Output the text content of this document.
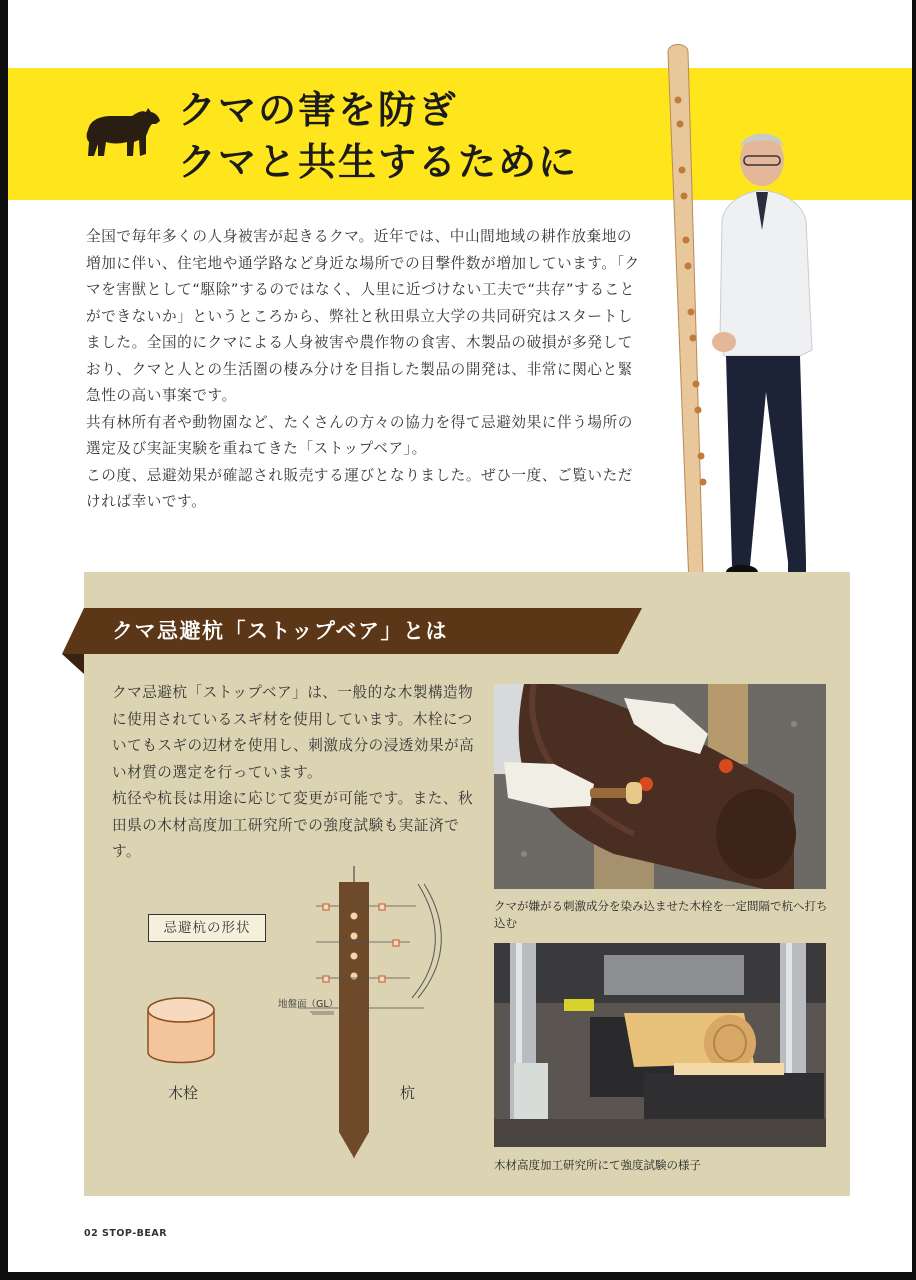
クマの害を防ぎ
クマと共生するために

全国で毎年多くの人身被害が起きるクマ。近年では、中山間地域の耕作放棄地の増加に伴い、住宅地や通学路など身近な場所での目撃件数が増加しています。「クマを害獣として“駆除”するのではなく、人里に近づけない工夫で“共存”することができないか」というところから、弊社と秋田県立大学の共同研究はスタートしました。全国的にクマによる人身被害や農作物の食害、木製品の破損が多発しており、クマと人との生活圏の棲み分けを目指した製品の開発は、非常に関心と緊急性の高い事案です。

共有林所有者や動物園など、たくさんの方々の協力を得て忌避効果に伴う場所の選定及び実証実験を重ねてきた「ストップベア」。

この度、忌避効果が確認され販売する運びとなりました。ぜひ一度、ご覧いただければ幸いです。

クマ忌避杭「ストップベア」とは

クマ忌避杭「ストップベア」は、一般的な木製構造物に使用されているスギ材を使用しています。木栓についてもスギの辺材を使用し、刺激成分の浸透効果が高い材質の選定を行っています。

杭径や杭長は用途に応じて変更が可能です。また、秋田県の木材高度加工研究所での強度試験も実証済です。

忌避杭の形状
地盤面（GL）
木栓	杭

クマが嫌がる刺激成分を染み込ませた木栓を一定間隔で杭へ打ち込む

木材高度加工研究所にて強度試験の様子

02 STOP-BEAR
